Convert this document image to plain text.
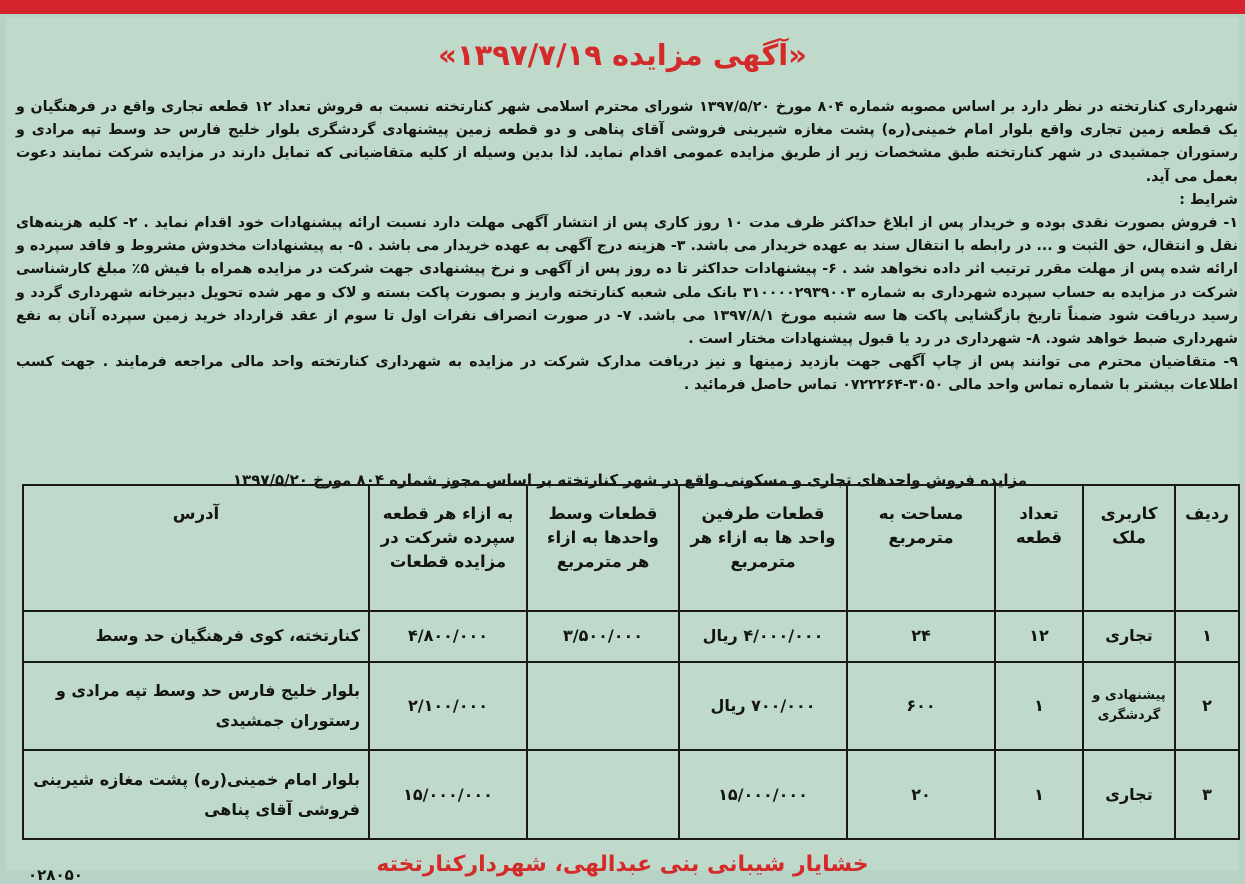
«آگهی مزایده ۱۳۹۷/۷/۱۹»

شهرداری کنارتخته در نظر دارد بر اساس مصوبه شماره ۸۰۴ مورخ ۱۳۹۷/۵/۲۰ شورای محترم اسلامی شهر کنارتخته نسبت به فروش تعداد ۱۲ قطعه تجاری واقع در فرهنگیان و یک قطعه زمین تجاری واقع بلوار امام خمینی(ره) پشت مغازه شیرینی فروشی آقای پناهی و دو قطعه زمین پیشنهادی گردشگری بلوار خلیج فارس حد وسط تپه مرادی و رستوران جمشیدی در شهر کنارتخته طبق مشخصات زیر از طریق مزایده عمومی اقدام نماید. لذا بدین وسیله از کلیه متقاضیانی که تمایل دارند در مزایده شرکت نمایند دعوت بعمل می آید.

شرایط :

۱- فروش بصورت نقدی بوده و خریدار پس از ابلاغ حداکثر ظرف مدت ۱۰ روز کاری پس از انتشار آگهی مهلت دارد نسبت ارائه پیشنهادات خود اقدام نماید . ۲- کلیه هزینه‌های نقل و انتقال، حق الثبت و ... در رابطه با انتقال سند به عهده خریدار می باشد. ۳- هزینه درج آگهی به عهده خریدار می باشد . ۵- به پیشنهادات مخدوش مشروط و فاقد سپرده و ارائه شده پس از مهلت مقرر ترتیب اثر داده نخواهد شد . ۶- پیشنهادات حداکثر تا ده روز پس از آگهی و نرخ پیشنهادی جهت شرکت در مزایده همراه با فیش ۵٪ مبلغ کارشناسی شرکت در مزایده به حساب سپرده شهرداری به شماره ۳۱۰۰۰۰۲۹۳۹۰۰۳ بانک ملی شعبه کنارتخته واریز و بصورت پاکت بسته و لاک و مهر شده تحویل دبیرخانه شهرداری گردد و رسید دریافت شود ضمناً تاریخ بازگشایی پاکت ها سه شنبه مورخ ۱۳۹۷/۸/۱ می باشد. ۷- در صورت انصراف نفرات اول تا سوم از عقد قرارداد خرید زمین سپرده آنان به نفع شهرداری ضبط خواهد شود. ۸- شهرداری در رد یا قبول پیشنهادات مختار است .

۹- متقاضیان محترم می توانند پس از چاپ آگهی جهت بازدید زمینها و نیز دریافت مدارک شرکت در مزایده به شهرداری کنارتخته واحد مالی مراجعه فرمایند . جهت کسب اطلاعات بیشتر با شماره تماس واحد مالی ۳۰۵۰-۰۷۲۲۲۶۴ تماس حاصل فرمائید .

مزایده فروش واحدهای تجاری و مسکونی واقع در شهر کنارتخته بر اساس مجوز شماره ۸۰۴ مورخ ۱۳۹۷/۵/۲۰
خشایار شیبانی بنی عبدالهی، شهردارکنارتخته
۰۲۸۰۵۰
ردیف	کاربری ملک	تعداد قطعه	مساحت به مترمربع	قطعات طرفین واحد ها به ازاء هر مترمربع	قطعات وسط واحدها به ازاء هر مترمربع	به ازاء هر قطعه سپرده شرکت در مزایده قطعات	آدرس
۱	تجاری	۱۲	۲۴	۴/۰۰۰/۰۰۰ ریال	۳/۵۰۰/۰۰۰	۴/۸۰۰/۰۰۰	کنارتخته، کوی فرهنگیان حد وسط
۲	پیشنهادی و گردشگری	۱	۶۰۰	۷۰۰/۰۰۰ ریال		۲/۱۰۰/۰۰۰	بلوار خلیج فارس حد وسط تپه مرادی و رستوران جمشیدی
۳	تجاری	۱	۲۰	۱۵/۰۰۰/۰۰۰		۱۵/۰۰۰/۰۰۰	بلوار امام خمینی(ره) پشت مغازه شیرینی فروشی آقای پناهی
